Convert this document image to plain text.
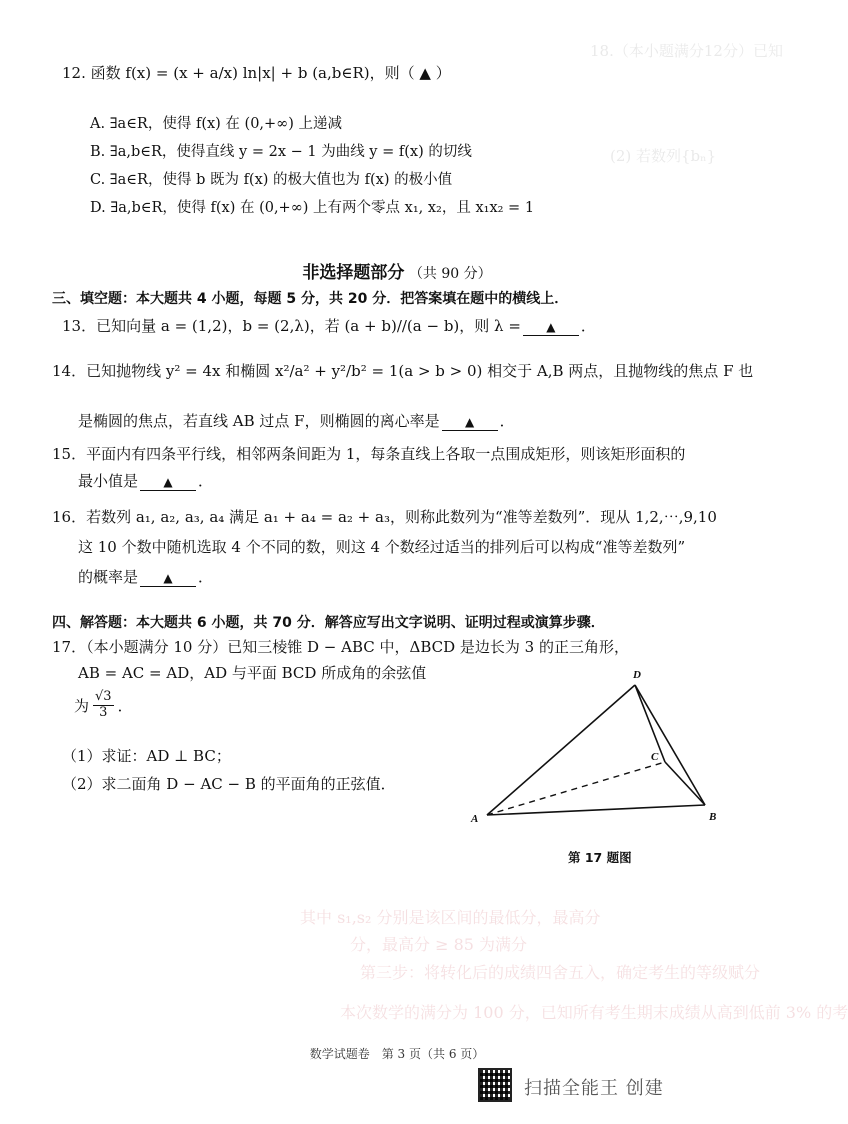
18.（本小题满分12分）已知
(2) 若数列{bₙ}
其中 s₁,s₂ 分别是该区间的最低分，最高分
分，最高分 ≥ 85 为满分
第三步：将转化后的成绩四舍五入，确定考生的等级赋分
本次数学的满分为 100 分，已知所有考生期末成绩从高到低前 3% 的考
12. 函数 f(x) = (x + a/x) ln|x| + b (a,b∈R)，则（ ▲ ）
A. ∃a∈R，使得 f(x) 在 (0,+∞) 上递减
B. ∃a,b∈R，使得直线 y = 2x − 1 为曲线 y = f(x) 的切线
C. ∃a∈R，使得 b 既为 f(x) 的极大值也为 f(x) 的极小值
D. ∃a,b∈R，使得 f(x) 在 (0,+∞) 上有两个零点 x₁, x₂，且 x₁x₂ = 1
非选择题部分 （共 90 分）
三、填空题：本大题共 4 小题，每题 5 分，共 20 分．把答案填在题中的横线上．
13．已知向量 a = (1,2)，b = (2,λ)，若 (a + b)//(a − b)，则 λ = ▲ ．
14．已知抛物线 y² = 4x 和椭圆 x²/a² + y²/b² = 1(a > b > 0) 相交于 A,B 两点，且抛物线的焦点 F 也
是椭圆的焦点，若直线 AB 过点 F，则椭圆的离心率是 ▲ ．
15．平面内有四条平行线，相邻两条间距为 1，每条直线上各取一点围成矩形，则该矩形面积的
最小值是 ▲ ．
16．若数列 a₁, a₂, a₃, a₄ 满足 a₁ + a₄ = a₂ + a₃，则称此数列为“准等差数列”．现从 1,2,⋯,9,10
这 10 个数中随机选取 4 个不同的数，则这 4 个数经过适当的排列后可以构成“准等差数列”
的概率是 ▲ ．
四、解答题：本大题共 6 小题，共 70 分．解答应写出文字说明、证明过程或演算步骤．
17．（本小题满分 10 分）已知三棱锥 D − ABC 中，ΔBCD 是边长为 3 的正三角形，
AB = AC = AD，AD 与平面 BCD 所成角的余弦值
为 $\frac{√3}{3}$ ．
（1）求证：AD ⊥ BC；
（2）求二面角 D − AC − B 的平面角的正弦值．
A	B
C
D
第 17 题图
数学试题卷　第 3 页（共 6 页）
扫描全能王 创建
